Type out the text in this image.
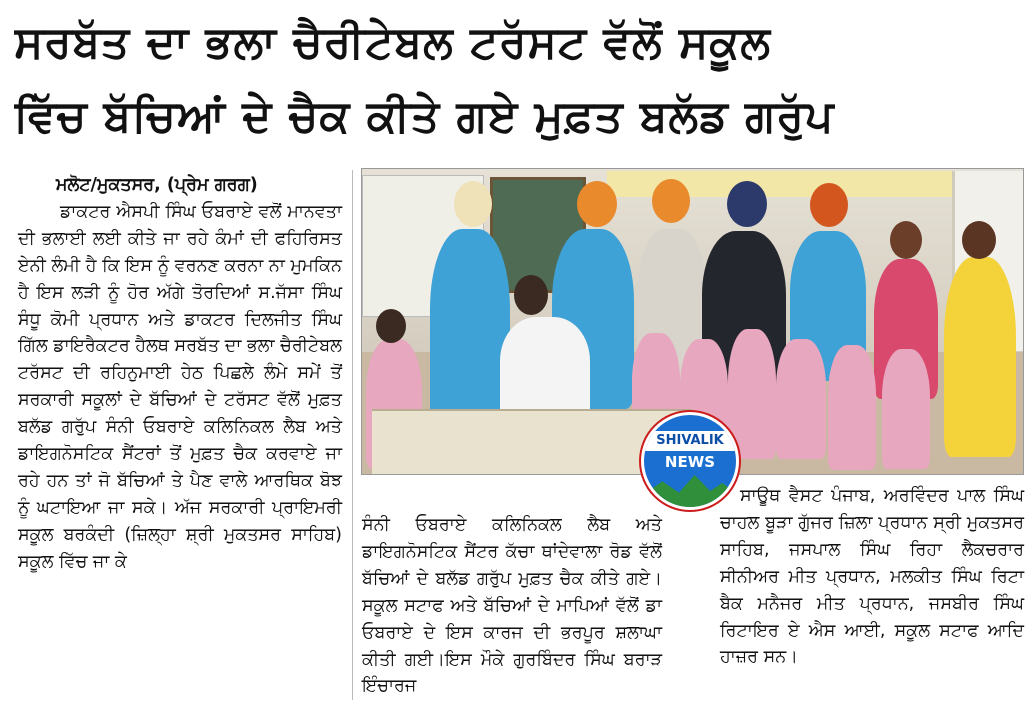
ਸਰਬੱਤ ਦਾ ਭਲਾ ਚੈਰੀਟੇਬਲ ਟਰੱਸਟ ਵੱਲੋਂ ਸਕੂਲ
ਵਿੱਚ ਬੱਚਿਆਂ ਦੇ ਚੈਕ ਕੀਤੇ ਗਏ ਮੁਫ਼ਤ ਬਲੱਡ ਗਰੁੱਪ

ਮਲੋਟ/ਮੁਕਤਸਰ, (ਪ੍ਰੇਮ ਗਰਗ)

ਡਾਕਟਰ ਐਸਪੀ ਸਿੰਘ ਓਬਰਾਏ ਵਲੋਂ ਮਾਨਵਤਾ ਦੀ ਭਲਾਈ ਲਈ ਕੀਤੇ ਜਾ ਰਹੇ ਕੰਮਾਂ ਦੀ ਫਹਿਰਿਸਤ ਏਨੀ ਲੰਮੀ ਹੈ ਕਿ ਇਸ ਨੂੰ ਵਰਨਣ ਕਰਨਾ ਨਾ ਮੁਮਕਿਨ ਹੈ ਇਸ ਲੜੀ ਨੂੰ ਹੋਰ ਅੱਗੇ ਤੋਰਦਿਆਂ ਸ.ਜੱਸਾ ਸਿੰਘ ਸੰਧੂ ਕੋਮੀ ਪ੍ਰਧਾਨ ਅਤੇ ਡਾਕਟਰ ਦਿਲਜੀਤ ਸਿੰਘ ਗਿੱਲ ਡਾਇਰੈਕਟਰ ਹੈਲਥ ਸਰਬੱਤ ਦਾ ਭਲਾ ਚੈਰੀਟੇਬਲ ਟਰੱਸਟ ਦੀ ਰਹਿਨੁਮਾਈ ਹੇਠ ਪਿਛਲੇ ਲੰਮੇ ਸਮੇਂ ਤੋਂ ਸਰਕਾਰੀ ਸਕੂਲਾਂ ਦੇ ਬੱਚਿਆਂ ਦੇ ਟਰੱਸਟ ਵੱਲੋਂ ਮੁਫ਼ਤ ਬਲੱਡ ਗਰੁੱਪ ਸੰਨੀ ਓਬਰਾਏ ਕਲਿਨਿਕਲ ਲੈਬ ਅਤੇ ਡਾਇਗਨੋਸਟਿਕ ਸੈਂਟਰਾਂ ਤੋਂ ਮੁਫ਼ਤ ਚੈਕ ਕਰਵਾਏ ਜਾ ਰਹੇ ਹਨ ਤਾਂ ਜੋ ਬੱਚਿਆਂ ਤੇ ਪੈਣ ਵਾਲੇ ਆਰਥਿਕ ਬੋਝ ਨੂੰ ਘਟਾਇਆ ਜਾ ਸਕੇ। ਅੱਜ ਸਰਕਾਰੀ ਪ੍ਰਾਇਮਰੀ ਸਕੂਲ ਬਰਕੰਦੀ (ਜ਼ਿਲ੍ਹਾ ਸ਼੍ਰੀ ਮੁਕਤਸਰ ਸਾਹਿਬ) ਸਕੂਲ ਵਿੱਚ ਜਾ ਕੇ

SHIVALIK
NEWS

ਸੰਨੀ ਓਬਰਾਏ ਕਲਿਨਿਕਲ ਲੈਬ ਅਤੇ ਡਾਇਗਨੋਸਟਿਕ ਸੈਂਟਰ ਕੱਚਾ ਥਾਂਦੇਵਾਲਾ ਰੋਡ ਵੱਲੋਂ ਬੱਚਿਆਂ ਦੇ ਬਲੱਡ ਗਰੁੱਪ ਮੁਫ਼ਤ ਚੈਕ ਕੀਤੇ ਗਏ। ਸਕੂਲ ਸਟਾਫ ਅਤੇ ਬੱਚਿਆਂ ਦੇ ਮਾਪਿਆਂ ਵੱਲੋਂ ਡਾ ਓਬਰਾਏ ਦੇ ਇਸ ਕਾਰਜ ਦੀ ਭਰਪੂਰ ਸ਼ਲਾਘਾ ਕੀਤੀ ਗਈ।ਇਸ ਮੌਕੇ ਗੁਰਬਿੰਦਰ ਸਿੰਘ ਬਰਾੜ ਇੰਚਾਰਜ

ਸਾਊਥ ਵੈਸਟ ਪੰਜਾਬ, ਅਰਵਿੰਦਰ ਪਾਲ ਸਿੰਘ ਚਾਹਲ ਬੂੜਾ ਗੁੱਜਰ ਜ਼ਿਲਾ ਪ੍ਰਧਾਨ ਸ੍ਰੀ ਮੁਕਤਸਰ ਸਾਹਿਬ, ਜਸਪਾਲ ਸਿੰਘ ਰਿਹਾ ਲੈਕਚਰਾਰ ਸੀਨੀਅਰ ਮੀਤ ਪ੍ਰਧਾਨ, ਮਲਕੀਤ ਸਿੰਘ ਰਿਟਾ ਬੈਕ ਮਨੈਜਰ ਮੀਤ ਪ੍ਰਧਾਨ, ਜਸਬੀਰ ਸਿੰਘ ਰਿਟਾਇਰ ਏ ਐਸ ਆਈ, ਸਕੂਲ ਸਟਾਫ ਆਦਿ ਹਾਜ਼ਰ ਸਨ।
